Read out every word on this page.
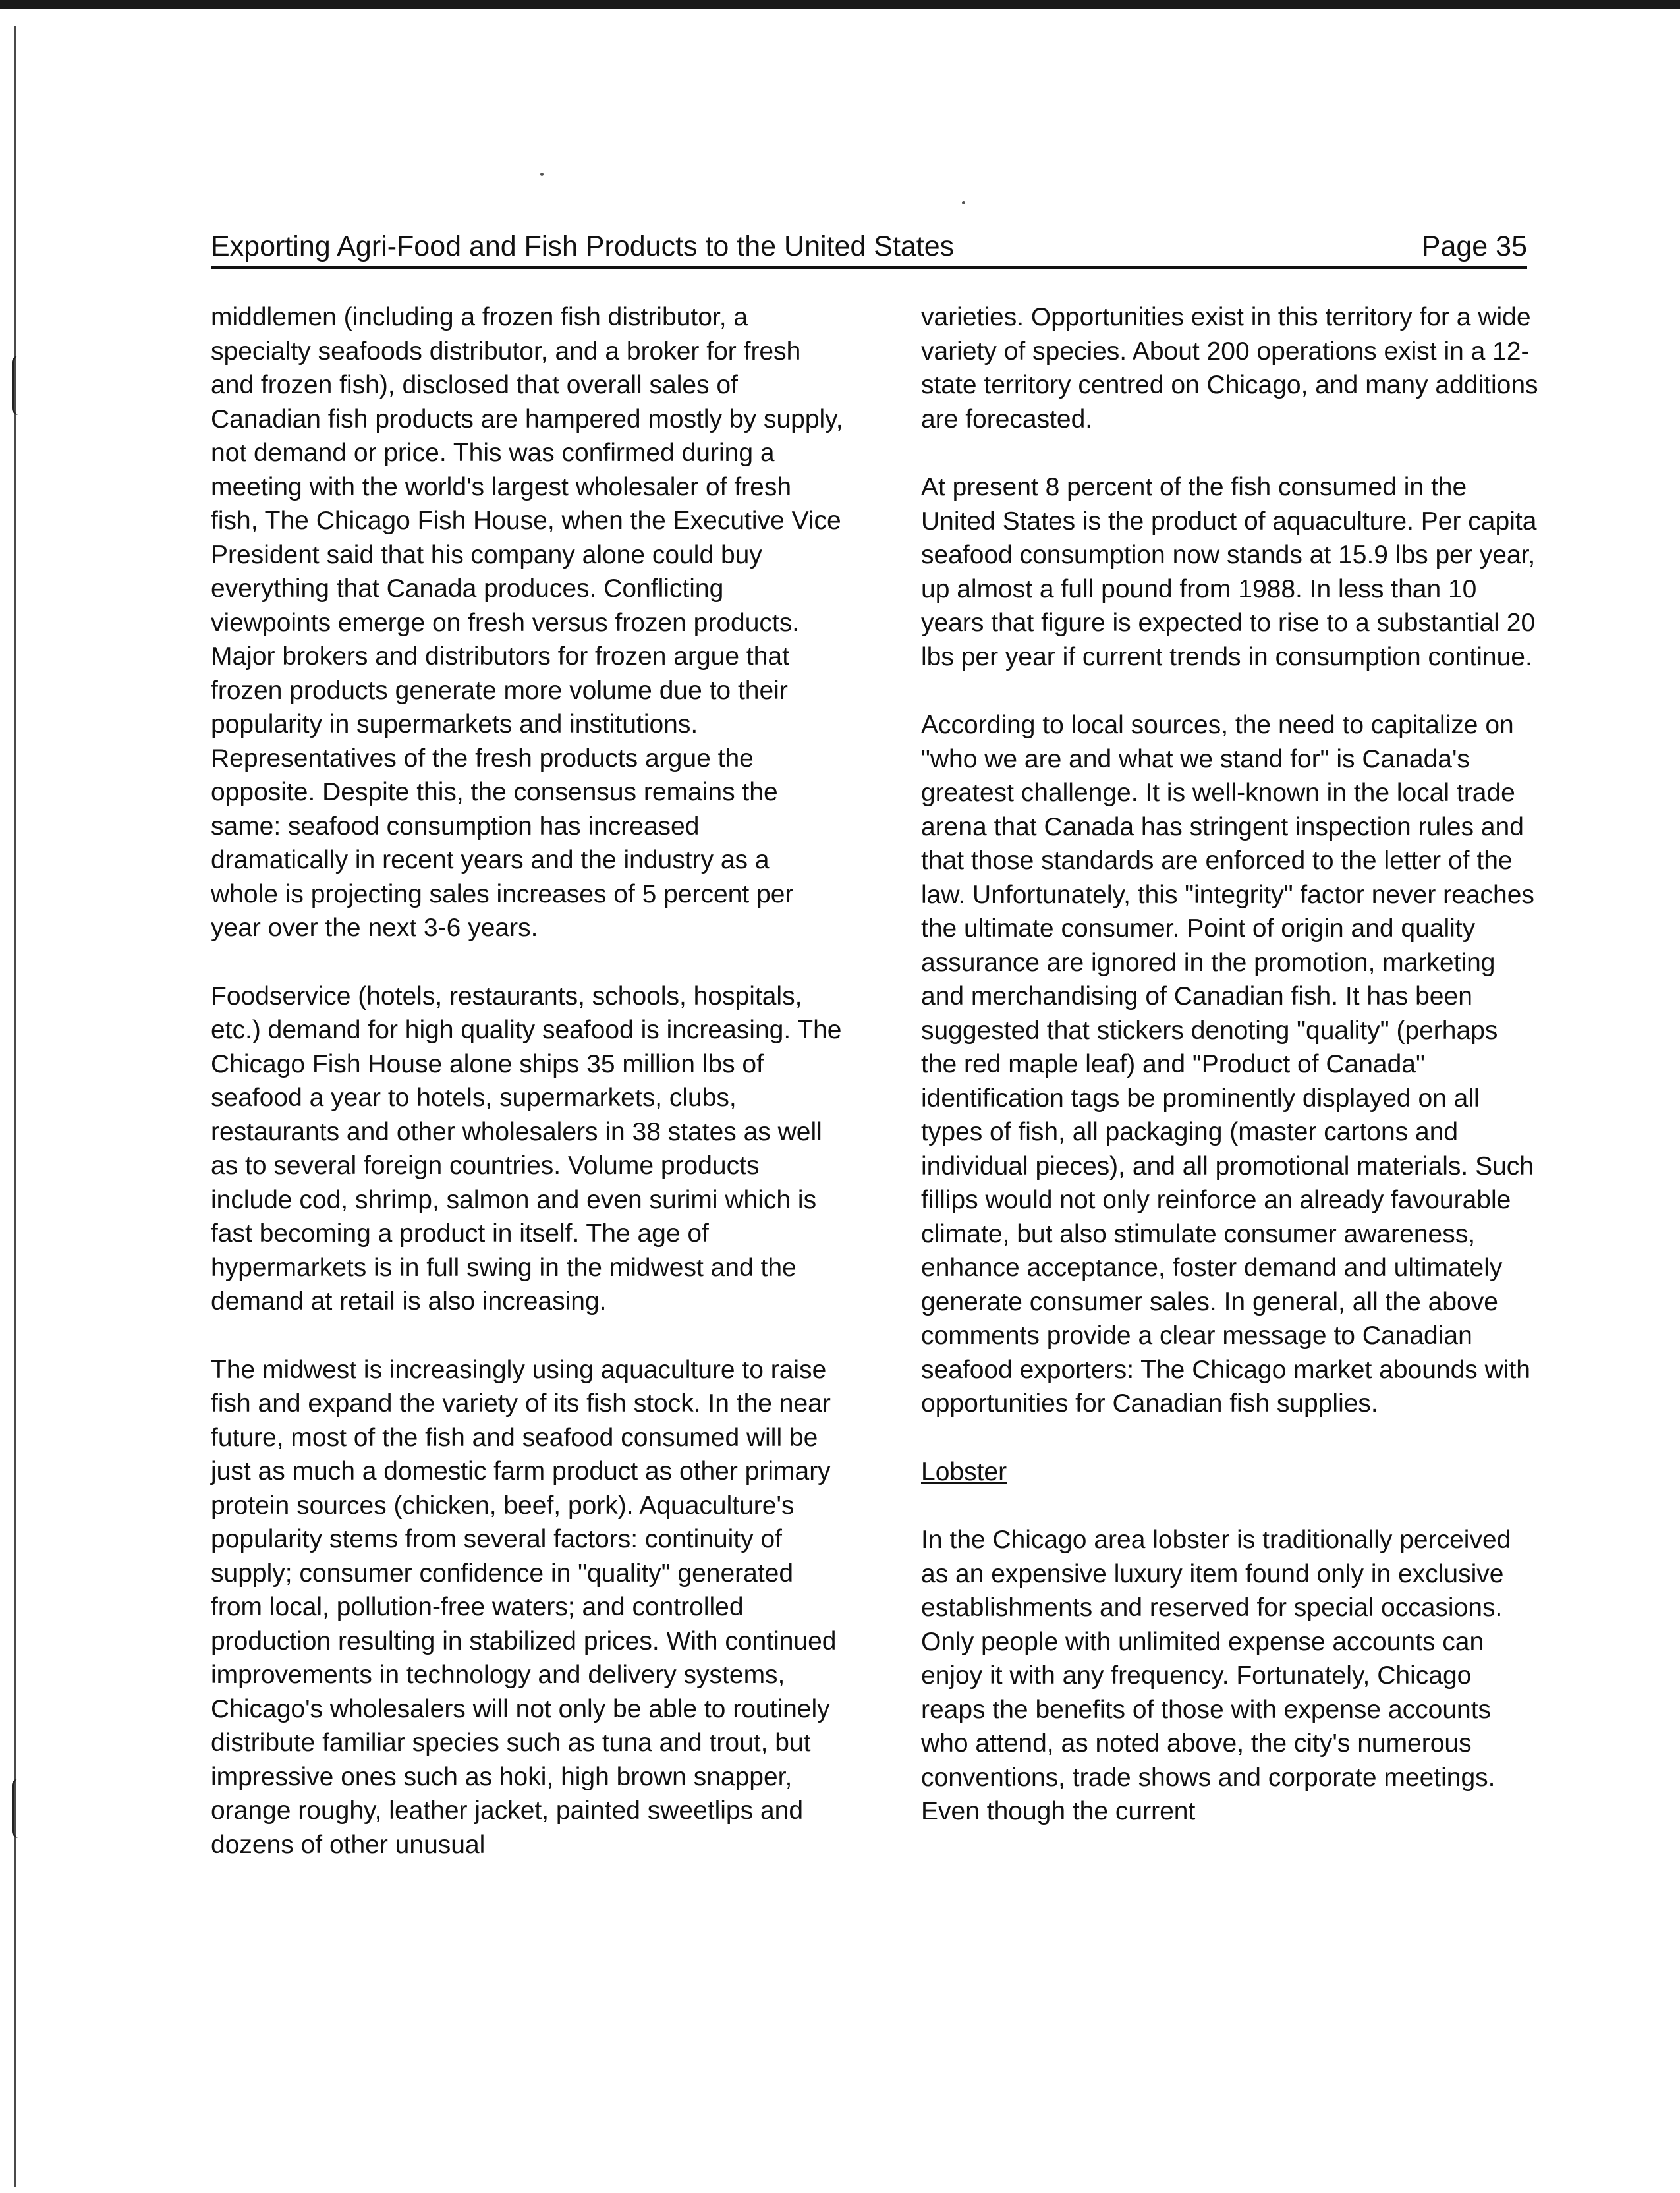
Exporting Agri-Food and Fish Products to the United States	Page 35

middlemen (including a frozen fish distributor, a specialty seafoods distributor, and a broker for fresh and frozen fish), disclosed that overall sales of Canadian fish products are hampered mostly by supply, not demand or price. This was confirmed during a meeting with the world's largest wholesaler of fresh fish, The Chicago Fish House, when the Executive Vice President said that his company alone could buy everything that Canada produces. Conflicting viewpoints emerge on fresh versus frozen products. Major brokers and distributors for frozen argue that frozen products generate more volume due to their popularity in supermarkets and institutions. Representatives of the fresh products argue the opposite. Despite this, the consensus remains the same: seafood consumption has increased dramatically in recent years and the industry as a whole is projecting sales increases of 5 percent per year over the next 3-6 years.

Foodservice (hotels, restaurants, schools, hospitals, etc.) demand for high quality seafood is increasing. The Chicago Fish House alone ships 35 million lbs of seafood a year to hotels, supermarkets, clubs, restaurants and other wholesalers in 38 states as well as to several foreign countries. Volume products include cod, shrimp, salmon and even surimi which is fast becoming a product in itself. The age of hypermarkets is in full swing in the midwest and the demand at retail is also increasing.

The midwest is increasingly using aquaculture to raise fish and expand the variety of its fish stock. In the near future, most of the fish and seafood consumed will be just as much a domestic farm product as other primary protein sources (chicken, beef, pork). Aquaculture's popularity stems from several factors: continuity of supply; consumer confidence in "quality" generated from local, pollution-free waters; and controlled production resulting in stabilized prices. With continued improvements in technology and delivery systems, Chicago's wholesalers will not only be able to routinely distribute familiar species such as tuna and trout, but impressive ones such as hoki, high brown snapper, orange roughy, leather jacket, painted sweetlips and dozens of other unusual

varieties. Opportunities exist in this territory for a wide variety of species. About 200 operations exist in a 12-state territory centred on Chicago, and many additions are forecasted.

At present 8 percent of the fish consumed in the United States is the product of aquaculture. Per capita seafood consumption now stands at 15.9 lbs per year, up almost a full pound from 1988. In less than 10 years that figure is expected to rise to a substantial 20 lbs per year if current trends in consumption continue.

According to local sources, the need to capitalize on "who we are and what we stand for" is Canada's greatest challenge. It is well-known in the local trade arena that Canada has stringent inspection rules and that those standards are enforced to the letter of the law. Unfortunately, this "integrity" factor never reaches the ultimate consumer. Point of origin and quality assurance are ignored in the promotion, marketing and merchandising of Canadian fish. It has been suggested that stickers denoting "quality" (perhaps the red maple leaf) and "Product of Canada" identification tags be prominently displayed on all types of fish, all packaging (master cartons and individual pieces), and all promotional materials. Such fillips would not only reinforce an already favourable climate, but also stimulate consumer awareness, enhance acceptance, foster demand and ultimately generate consumer sales. In general, all the above comments provide a clear message to Canadian seafood exporters: The Chicago market abounds with opportunities for Canadian fish supplies.

Lobster

In the Chicago area lobster is traditionally perceived as an expensive luxury item found only in exclusive establishments and reserved for special occasions. Only people with unlimited expense accounts can enjoy it with any frequency. Fortunately, Chicago reaps the benefits of those with expense accounts who attend, as noted above, the city's numerous conventions, trade shows and corporate meetings. Even though the current
